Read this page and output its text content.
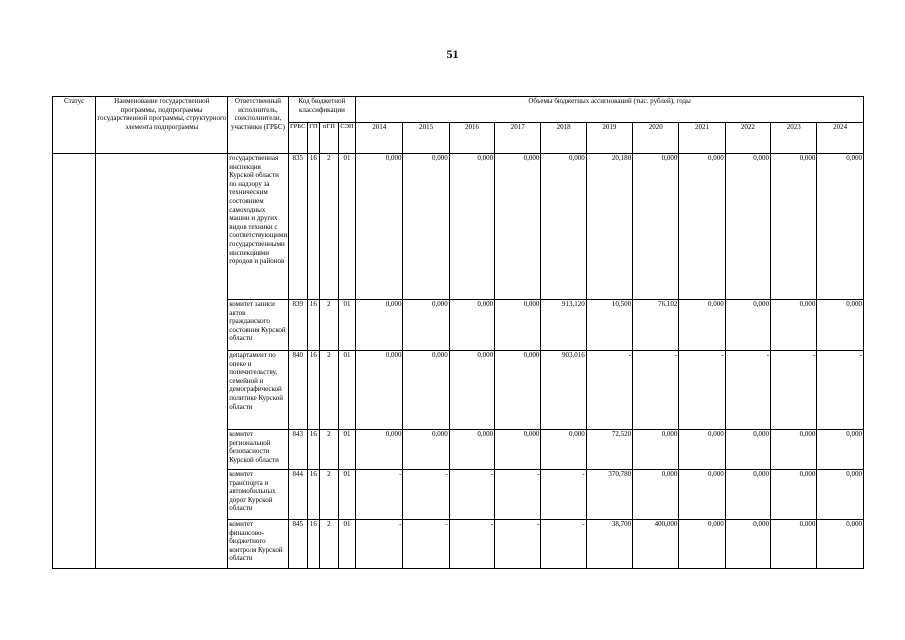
51
Статус	Наименование государственной программы, подпрограммы государственной программы, структурного элемента подпрограммы	Ответственный исполнитель, соисполнители, участники (ГРБС)	Код бюджетной классификации				Объемы бюджетных ассигнований (тыс. рублей), годы										
			ГРБС	ГП	пГП	СЭП	2014	2015	2016	2017	2018	2019	2020	2021	2022	2023	2024
		государственная инспекция Курской области по надзору за техническим состоянием самоходных машин и других видов техники с соответствующими государственными инспекциями городов и районов	835	16	2	01	0,000	0,000	0,000	0,000	0,000	20,180	0,000	0,000	0,000	0,000	0,000
		комитет записи актов гражданского состояния Курской области	839	16	2	01	0,000	0,000	0,000	0,000	913,120	10,500	76,102	0,000	0,000	0,000	0,000
		департамент по опеке и попечительству, семейной и демографической политике Курской области	840	16	2	01	0,000	0,000	0,000	0,000	903,016	-	-	-	-	-	-
		комитет региональной безопасности Курской области	843	16	2	01	0,000	0,000	0,000	0,000	0,000	72,520	0,000	0,000	0,000	0,000	0,000
		комитет транспорта и автомобильных дорог Курской области	844	16	2	01	-	-	-	-	-	370,780	0,000	0,000	0,000	0,000	0,000
		комитет финансово-бюджетного контроля Курской области	845	16	2	01	-	-	-	-	-	38,700	400,000	0,000	0,000	0,000	0,000
